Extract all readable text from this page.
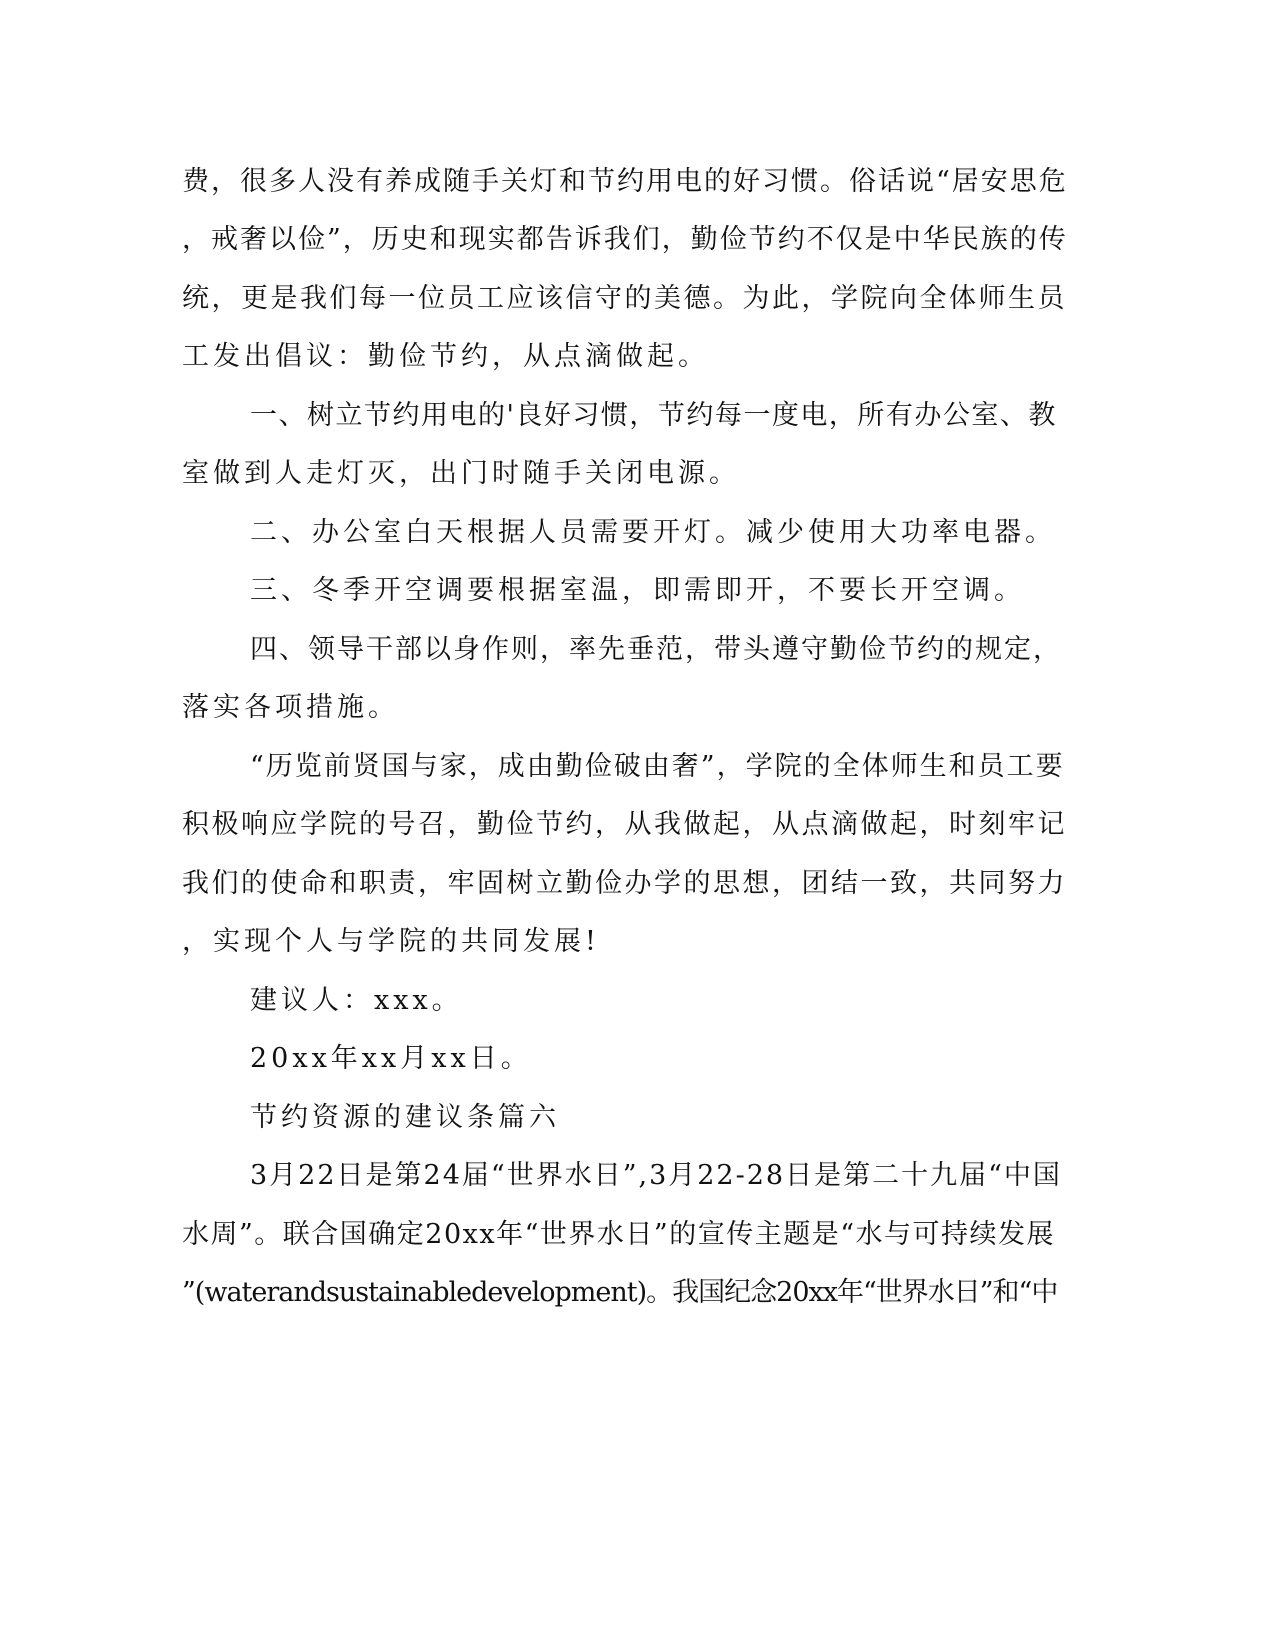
费，很多人没有养成随手关灯和节约用电的好习惯。俗话说“居安思危

，戒奢以俭”，历史和现实都告诉我们，勤俭节约不仅是中华民族的传

统，更是我们每一位员工应该信守的美德。为此，学院向全体师生员

工发出倡议：勤俭节约，从点滴做起。

一、树立节约用电的'良好习惯，节约每一度电，所有办公室、教

室做到人走灯灭，出门时随手关闭电源。

二、办公室白天根据人员需要开灯。减少使用大功率电器。

三、冬季开空调要根据室温，即需即开，不要长开空调。

四、领导干部以身作则，率先垂范，带头遵守勤俭节约的规定，

落实各项措施。

“历览前贤国与家，成由勤俭破由奢”，学院的全体师生和员工要

积极响应学院的号召，勤俭节约，从我做起，从点滴做起，时刻牢记

我们的使命和职责，牢固树立勤俭办学的思想，团结一致，共同努力

，实现个人与学院的共同发展!

建议人：xxx。

20xx年xx月xx日。

节约资源的建议条篇六

3月22日是第24届“世界水日”,3月22-28日是第二十九届“中国

水周”。联合国确定20xx年“世界水日”的宣传主题是“水与可持续发展

”(waterandsustainabledevelopment)。我国纪念20xx年“世界水日”和“中
